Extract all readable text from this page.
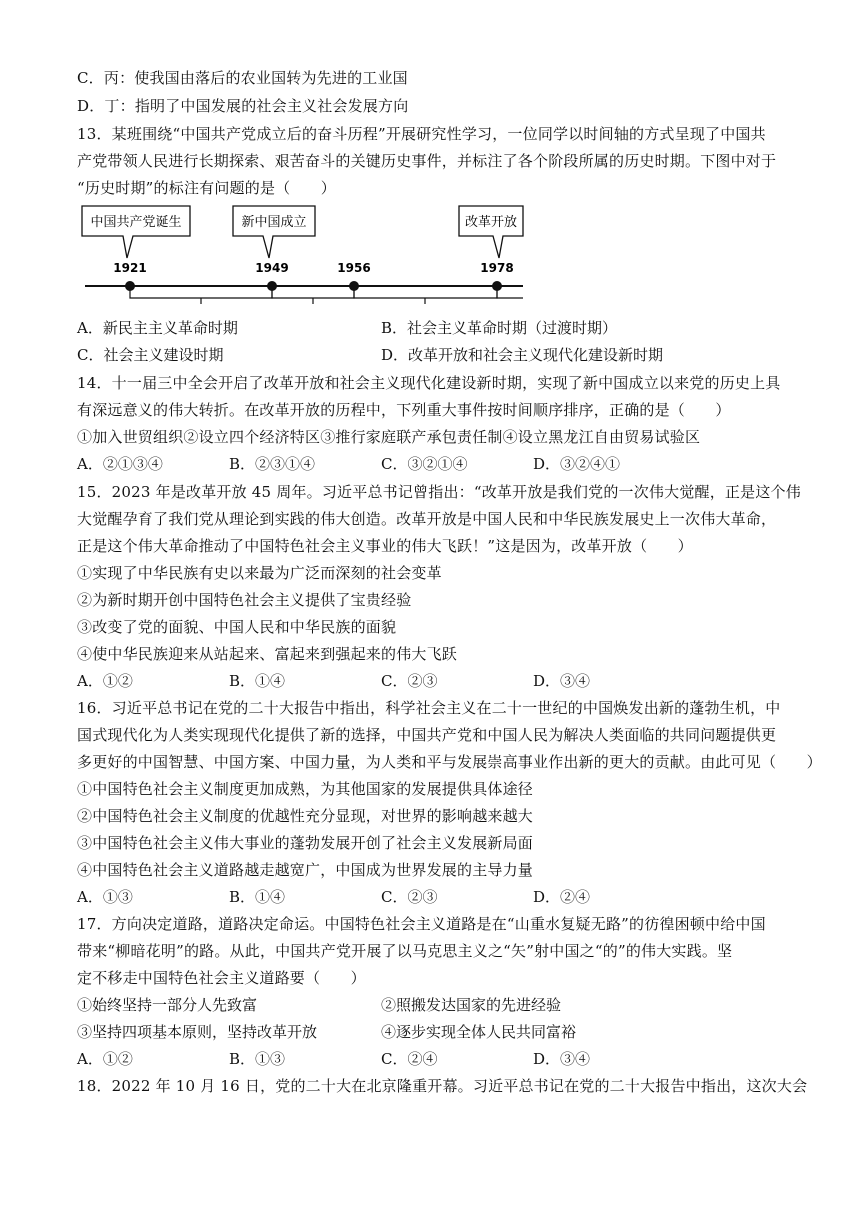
C．丙：使我国由落后的农业国转为先进的工业国
D．丁：指明了中国发展的社会主义社会发展方向
13．某班围绕“中国共产党成立后的奋斗历程”开展研究性学习，一位同学以时间轴的方式呈现了中国共
产党带领人民进行长期探索、艰苦奋斗的关键历史事件，并标注了各个阶段所属的历史时期。下图中对于
“历史时期”的标注有问题的是（　　）
中国共产党诞生	新中国成立	改革开放
1921	1949	1956	1978
A．新民主主义革命时期	B．社会主义革命时期（过渡时期）
C．社会主义建设时期	D．改革开放和社会主义现代化建设新时期
14．十一届三中全会开启了改革开放和社会主义现代化建设新时期，实现了新中国成立以来党的历史上具
有深远意义的伟大转折。在改革开放的历程中，下列重大事件按时间顺序排序，正确的是（　　）
①加入世贸组织②设立四个经济特区③推行家庭联产承包责任制④设立黑龙江自由贸易试验区
A．②①③④	B．②③①④	C．③②①④	D．③②④①
15．2023 年是改革开放 45 周年。习近平总书记曾指出：“改革开放是我们党的一次伟大觉醒，正是这个伟
大觉醒孕育了我们党从理论到实践的伟大创造。改革开放是中国人民和中华民族发展史上一次伟大革命，
正是这个伟大革命推动了中国特色社会主义事业的伟大飞跃！”这是因为，改革开放（　　）
①实现了中华民族有史以来最为广泛而深刻的社会变革
②为新时期开创中国特色社会主义提供了宝贵经验
③改变了党的面貌、中国人民和中华民族的面貌
④使中华民族迎来从站起来、富起来到强起来的伟大飞跃
A．①②	B．①④	C．②③	D．③④
16．习近平总书记在党的二十大报告中指出，科学社会主义在二十一世纪的中国焕发出新的蓬勃生机，中
国式现代化为人类实现现代化提供了新的选择，中国共产党和中国人民为解决人类面临的共同问题提供更
多更好的中国智慧、中国方案、中国力量，为人类和平与发展崇高事业作出新的更大的贡献。由此可见（　　）
①中国特色社会主义制度更加成熟，为其他国家的发展提供具体途径
②中国特色社会主义制度的优越性充分显现，对世界的影响越来越大
③中国特色社会主义伟大事业的蓬勃发展开创了社会主义发展新局面
④中国特色社会主义道路越走越宽广，中国成为世界发展的主导力量
A．①③	B．①④	C．②③	D．②④
17．方向决定道路，道路决定命运。中国特色社会主义道路是在“山重水复疑无路”的彷徨困顿中给中国
带来“柳暗花明”的路。从此，中国共产党开展了以马克思主义之“矢”射中国之“的”的伟大实践。坚
定不移走中国特色社会主义道路要（　　）
①始终坚持一部分人先致富	②照搬发达国家的先进经验
③坚持四项基本原则，坚持改革开放	④逐步实现全体人民共同富裕
A．①②	B．①③	C．②④	D．③④
18．2022 年 10 月 16 日，党的二十大在北京隆重开幕。习近平总书记在党的二十大报告中指出，这次大会
